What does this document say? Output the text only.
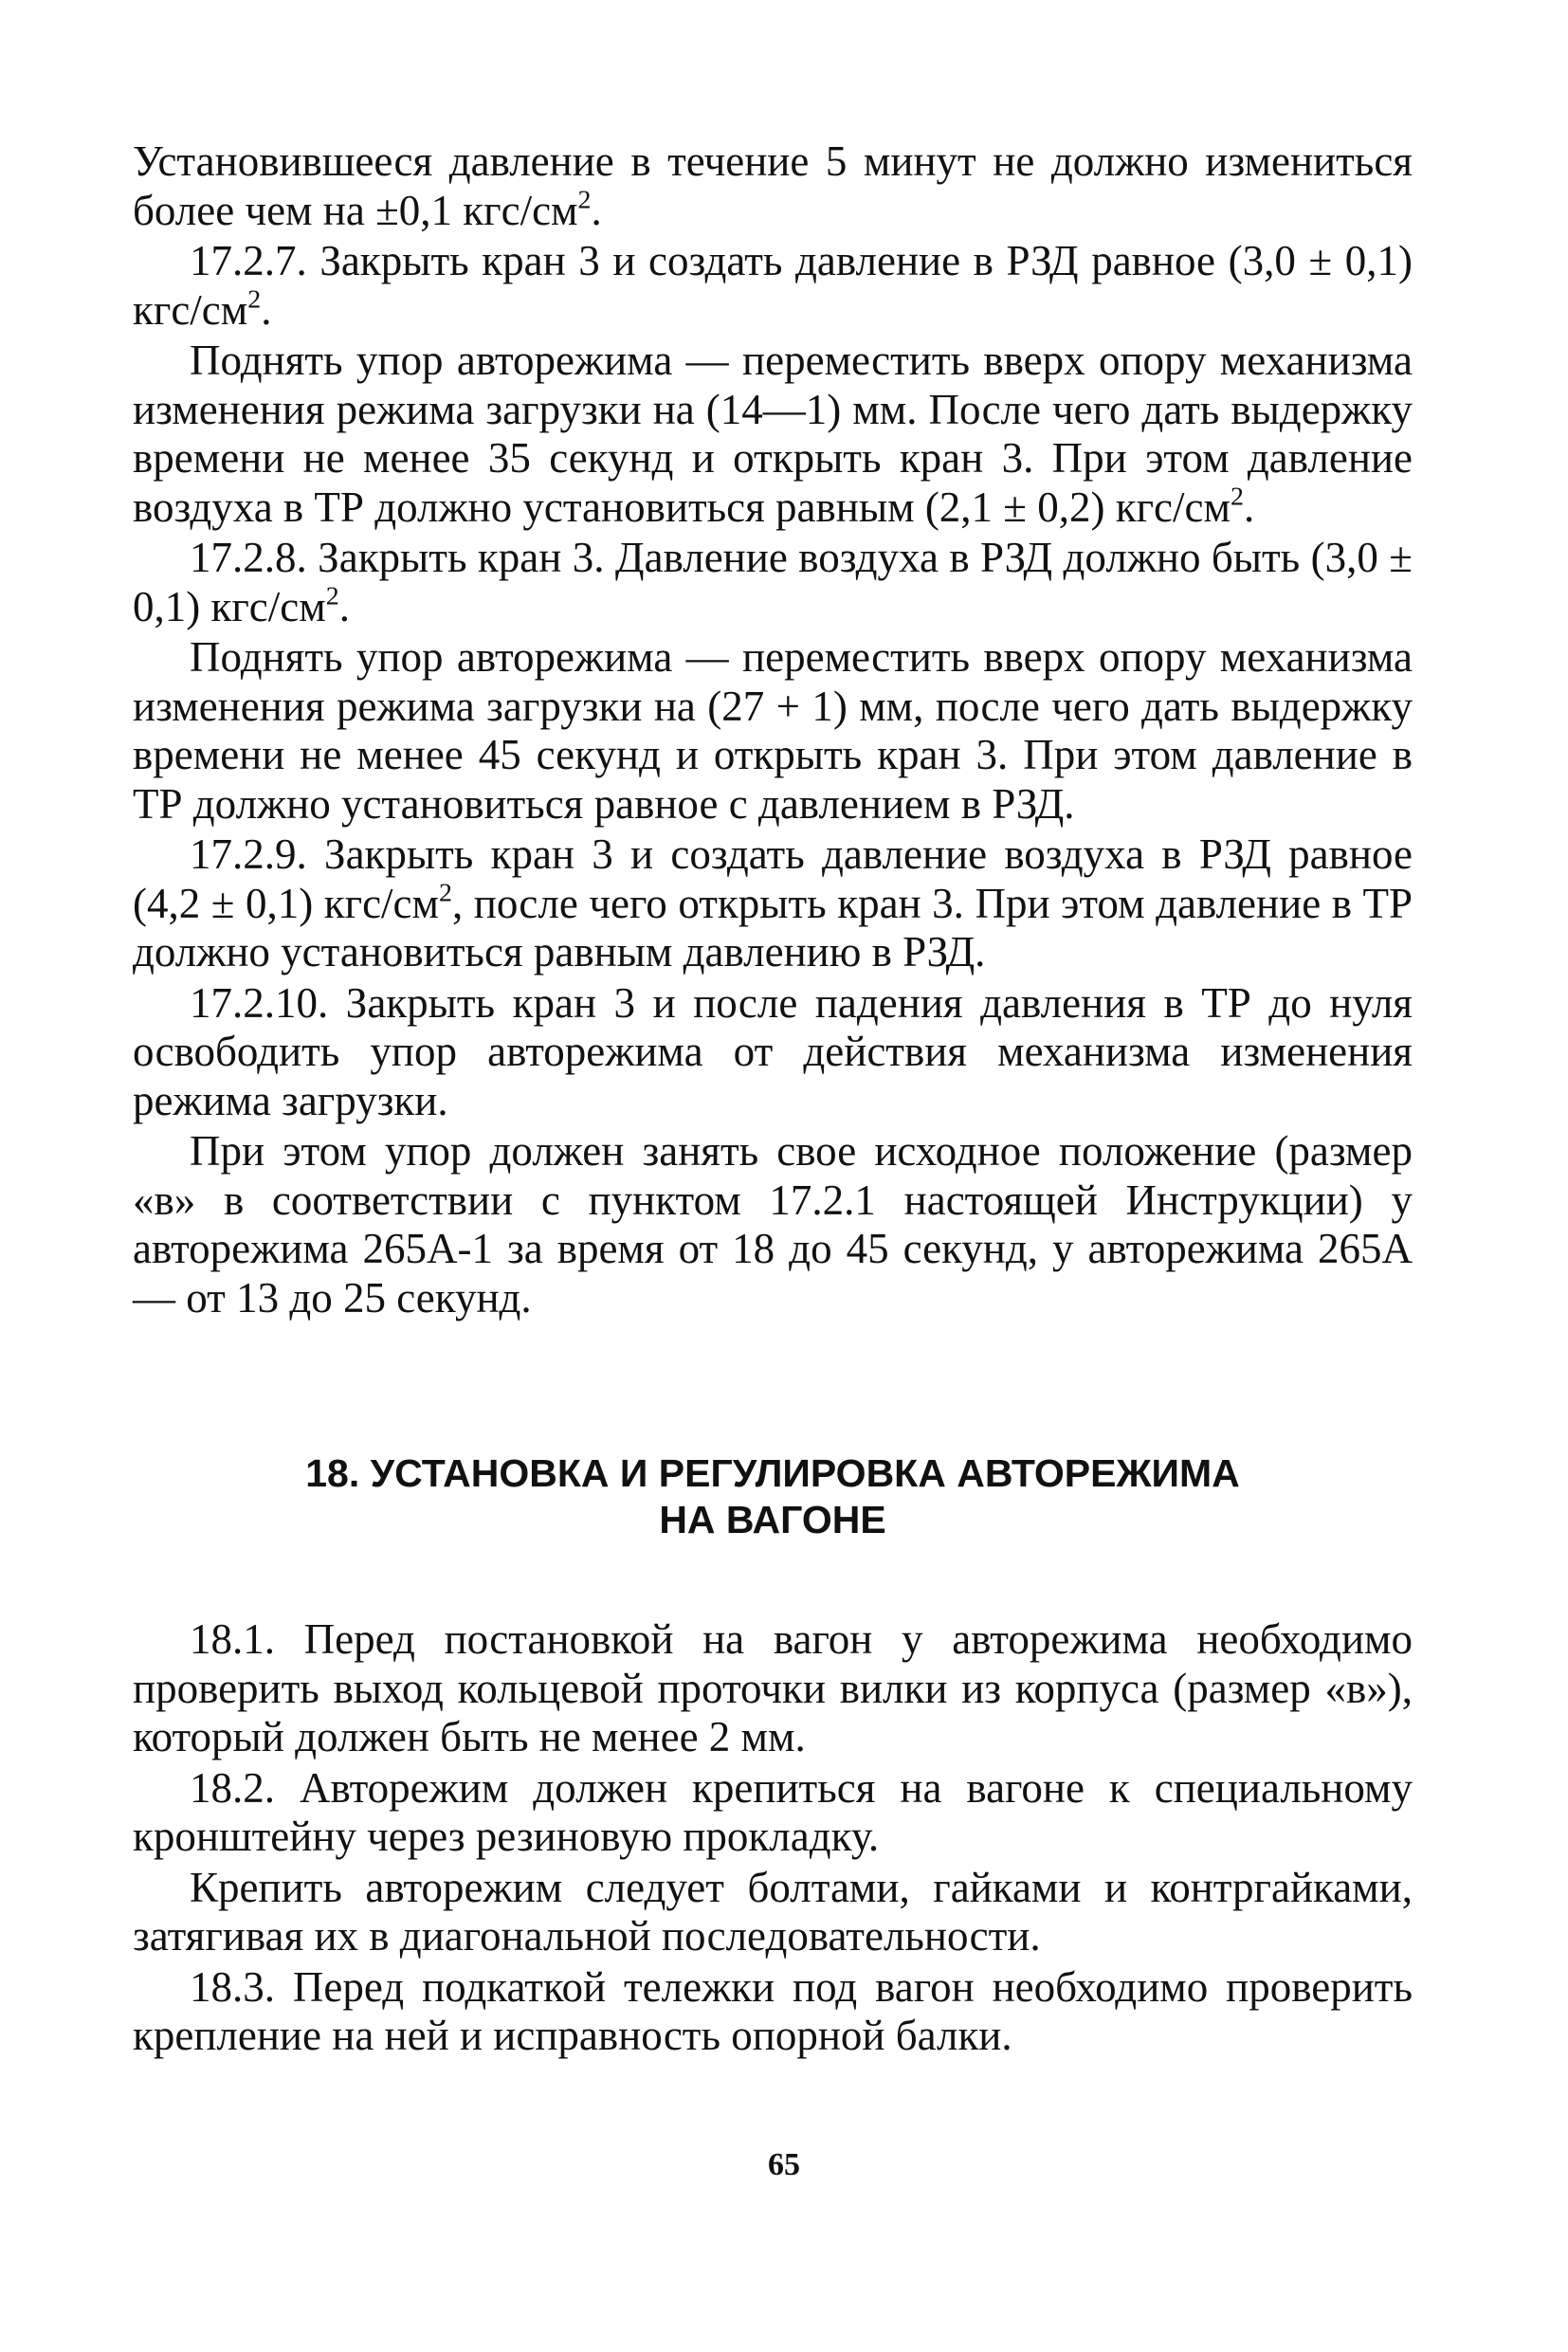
Установившееся давление в течение 5 минут не должно измениться более чем на ±0,1 кгс/$см^2$.

17.2.7. Закрыть кран 3 и создать давление в РЗД равное (3,0 ± 0,1) кгс/$см^2$.

Поднять упор авторежима — переместить вверх опору механизма изменения режима загрузки на (14—1) мм. После чего дать выдержку времени не менее 35 секунд и открыть кран 3. При этом давление воздуха в ТР должно установиться равным (2,1 ± 0,2) кгс/$см^2$.

17.2.8. Закрыть кран 3. Давление воздуха в РЗД должно быть (3,0 ± 0,1) кгс/$см^2$.

Поднять упор авторежима — переместить вверх опору механизма изменения режима загрузки на (27 + 1) мм, после чего дать выдержку времени не менее 45 секунд и открыть кран 3. При этом давление в ТР должно установиться равное с давлением в РЗД.

17.2.9. Закрыть кран 3 и создать давление воздуха в РЗД равное (4,2 ± 0,1) кгс/$см^2$, после чего открыть кран 3. При этом давление в ТР должно установиться равным давлению в РЗД.

17.2.10. Закрыть кран 3 и после падения давления в ТР до нуля освободить упор авторежима от действия механизма изменения режима загрузки.

При этом упор должен занять свое исходное положение (размер «в» в соответствии с пунктом 17.2.1 настоящей Инструкции) у авторежима 265А-1 за время от 18 до 45 секунд, у авторежима 265А — от 13 до 25 секунд.

18. УСТАНОВКА И РЕГУЛИРОВКА АВТОРЕЖИМА
НА ВАГОНЕ

18.1. Перед постановкой на вагон у авторежима необходимо проверить выход кольцевой проточки вилки из корпуса (размер «в»), который должен быть не менее 2 мм.

18.2. Авторежим должен крепиться на вагоне к специальному кронштейну через резиновую прокладку.

Крепить авторежим следует болтами, гайками и контргайками, затягивая их в диагональной последовательности.

18.3. Перед подкаткой тележки под вагон необходимо проверить крепление на ней и исправность опорной балки.

65
